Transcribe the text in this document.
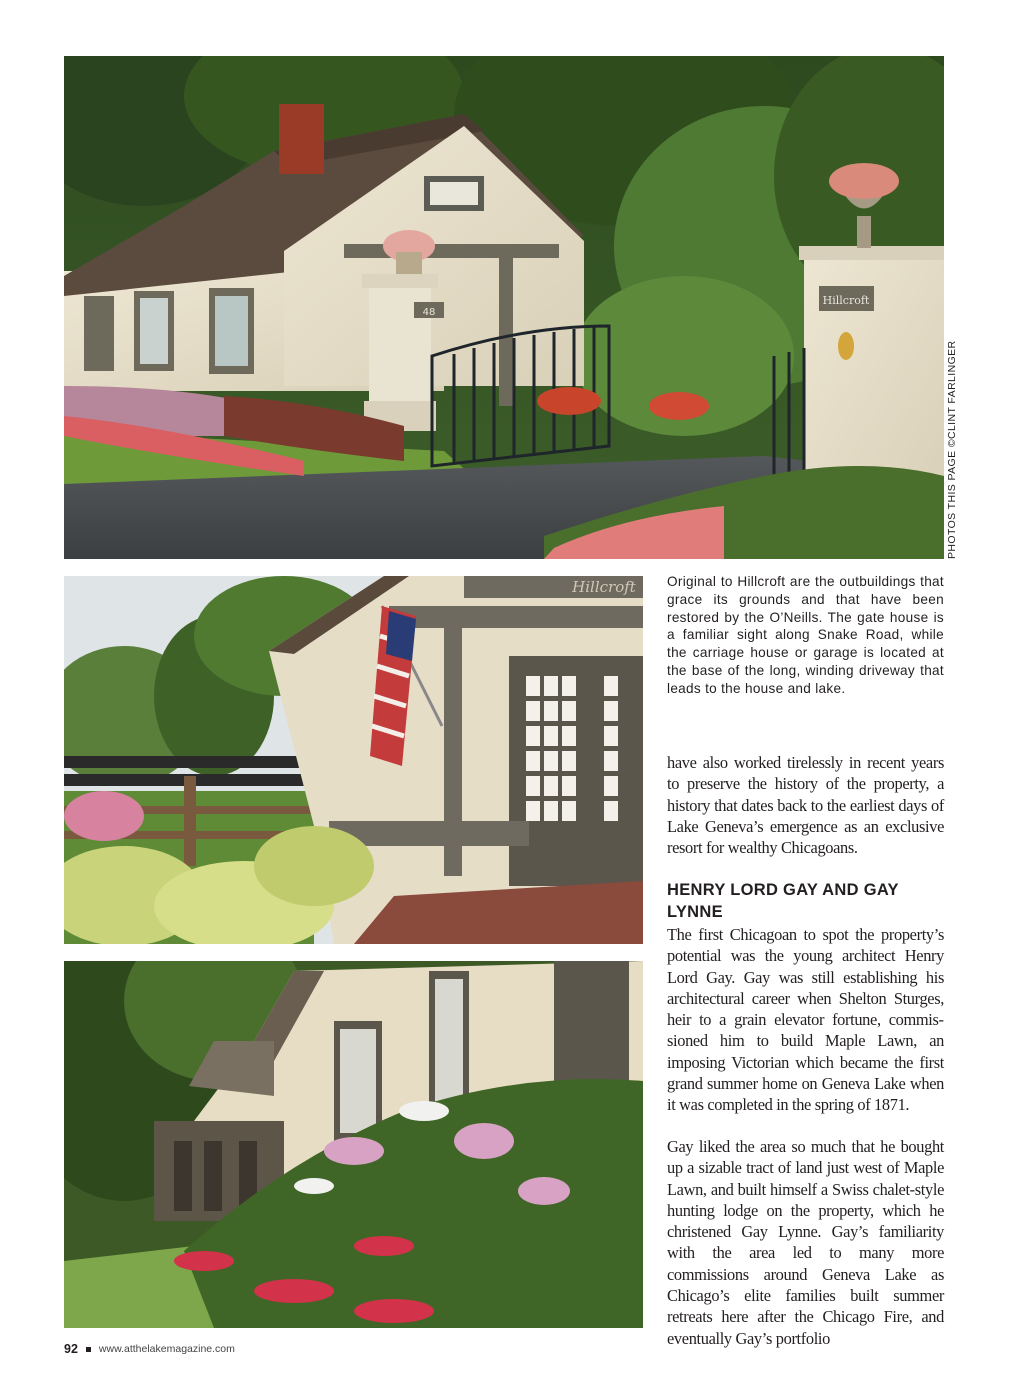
48
Hillcroft
PHOTOS THIS PAGE ©CLINT FARLINGER
Hillcroft Original to Hillcroft are the outbuildings that grace its grounds and that have been restored by the O’Neills. The gate house is a familiar sight along Snake Road, while the carriage house or garage is located at the base of the long, winding driveway that leads to the house and lake.

have also worked tirelessly in recent years to preserve the history of the property, a history that dates back to the earliest days of Lake Geneva’s emergence as an exclusive resort for wealthy Chicagoans.

HENRY LORD GAY AND GAY LYNNE

The first Chicagoan to spot the property’s potential was the young architect Henry Lord Gay. Gay was still establishing his architectural career when Shelton Sturges, heir to a grain elevator fortune, commissioned him to build Maple Lawn, an imposing Victorian which became the first grand summer home on Geneva Lake when it was completed in the spring of 1871.

Gay liked the area so much that he bought up a sizable tract of land just west of Maple Lawn, and built himself a Swiss chalet-style hunting lodge on the property, which he christened Gay Lynne. Gay’s familiarity with the area led to many more commissions around Geneva Lake as Chicago’s elite families built summer retreats here after the Chicago Fire, and eventually Gay’s portfolio

92 www.atthelakemagazine.com
